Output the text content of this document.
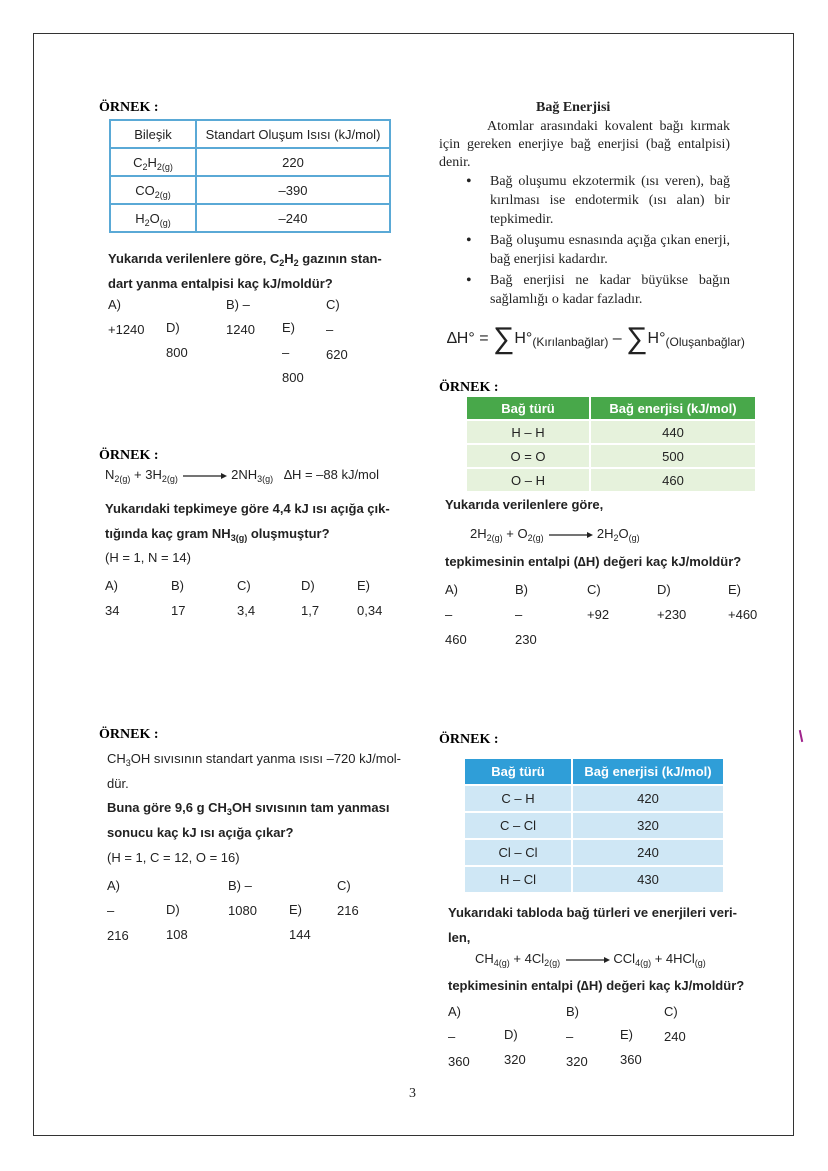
ÖRNEK :
Bileşik	Standart Oluşum Isısı (kJ/mol)
$C_2H_{2(g)}$	220
$CO_{2(g)}$	–390
$H_2O_{(g)}$	–240
Yukarıda verilenlere göre, $C_2H_2$ gazının stan-
dart yanma entalpisi kaç kJ/moldür?
A) +1240
B) –1240
C) –620
D) 800
E) –800
ÖRNEK :
$N_{2(g)} + 3H_{2(g)}$	$2NH_{3(g)}$ ∆H = –88 kJ/mol
Yukarıdaki tepkimeye göre 4,4 kJ ısı açığa çık-
tığında kaç gram $NH_{3(g)}$ oluşmuştur?
(H = 1, N = 14)
A) 34
B) 17
C) 3,4
D) 1,7
E) 0,34
ÖRNEK :
$CH_3OH$ sıvısının standart yanma ısısı –720 kJ/mol-
dür.
Buna göre 9,6 g $CH_3OH$ sıvısının tam yanması
sonucu kaç kJ ısı açığa çıkar?
(H = 1, C = 12, O = 16)
A) –216
B) –1080
C) 216
D) 108
E) 144
Bağ Enerjisi
Atomlar arasındaki kovalent bağı kırmak için gereken enerjiye bağ enerjisi (bağ entalpisi) denir.
• Bağ oluşumu ekzotermik (ısı veren), bağ kırılması ise endotermik (ısı alan) bir tepkimedir.
• Bağ oluşumu esnasında açığa çıkan enerji, bağ enerjisi kadardır.
• Bağ enerjisi ne kadar büyükse bağın sağlamlığı o kadar fazladır.
$\Delta H^\circ = \sum H^\circ_{(Kırılanbağlar)} - \sum H^\circ_{(Oluşanbağlar)}$
ÖRNEK :
Bağ türü	Bağ enerjisi (kJ/mol)
H – H	440
O = O	500
O – H	460
Yukarıda verilenlere göre,
$2H_{2(g)} + O_{2(g)}$	$2H_2O_{(g)}$
tepkimesinin entalpi (∆H) değeri kaç kJ/moldür?
A) –460
B) –230
C) +92
D) +230
E) +460
ÖRNEK :
Bağ türü	Bağ enerjisi (kJ/mol)
C – H	420
C – Cl	320
Cl – Cl	240
H – Cl	430
Yukarıdaki tabloda bağ türleri ve enerjileri veri-
len,
$CH_{4(g)} + 4Cl_{2(g)}$	CCl$_{4(g)}$ + 4HCl$_{(g)}$
tepkimesinin entalpi (∆H) değeri kaç kJ/moldür?
A) –360
B) –320
C) 240
D) 320
E) 360
3
